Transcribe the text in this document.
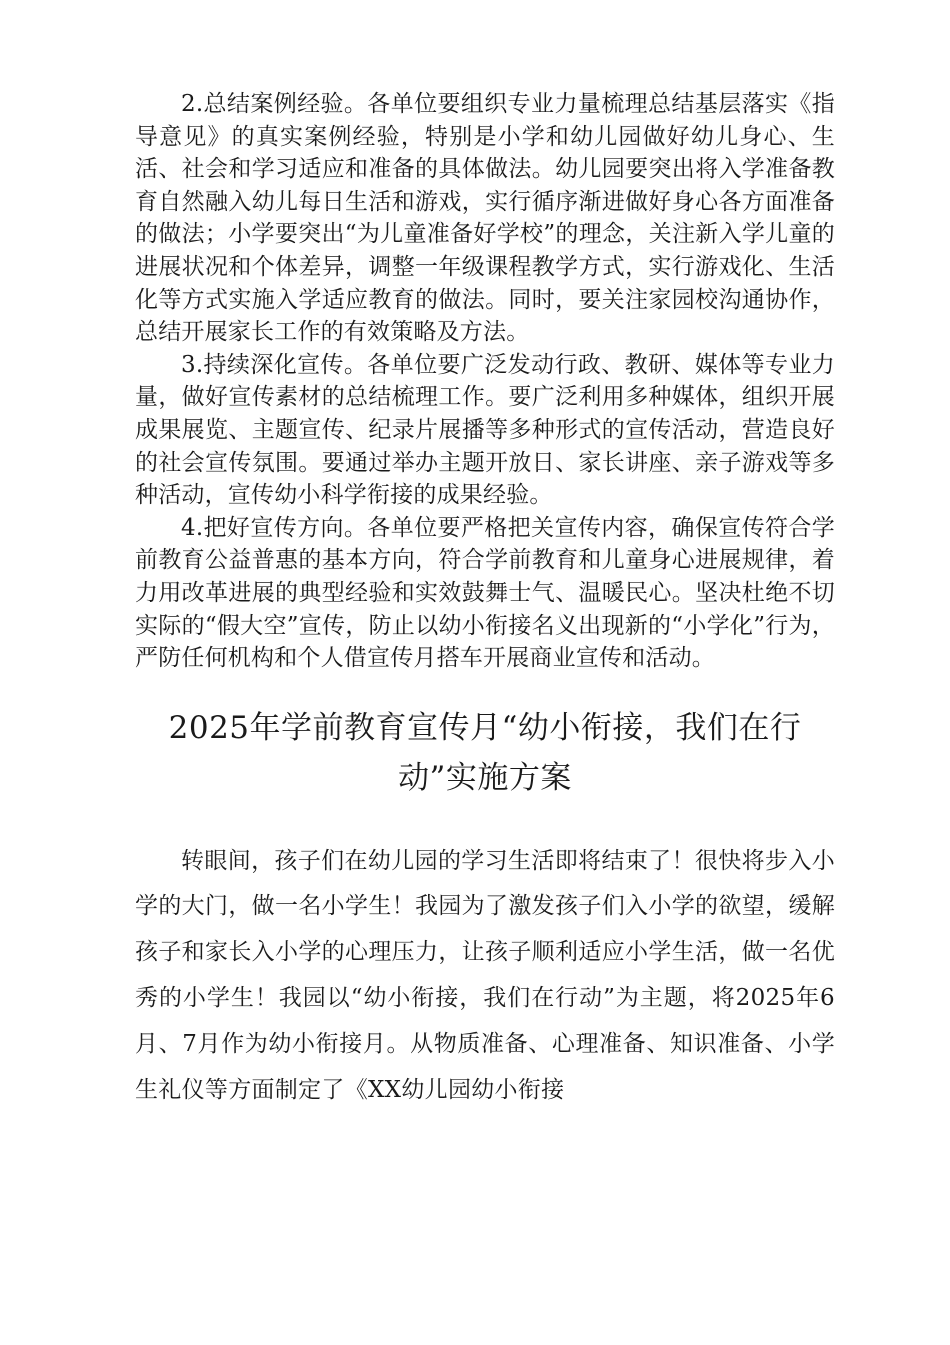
2.总结案例经验。各单位要组织专业力量梳理总结基层落实《指导意见》的真实案例经验，特别是小学和幼儿园做好幼儿身心、生活、社会和学习适应和准备的具体做法。幼儿园要突出将入学准备教育自然融入幼儿每日生活和游戏，实行循序渐进做好身心各方面准备的做法；小学要突出“为儿童准备好学校”的理念，关注新入学儿童的进展状况和个体差异，调整一年级课程教学方式，实行游戏化、生活化等方式实施入学适应教育的做法。同时，要关注家园校沟通协作，总结开展家长工作的有效策略及方法。

3.持续深化宣传。各单位要广泛发动行政、教研、媒体等专业力量，做好宣传素材的总结梳理工作。要广泛利用多种媒体，组织开展成果展览、主题宣传、纪录片展播等多种形式的宣传活动，营造良好的社会宣传氛围。要通过举办主题开放日、家长讲座、亲子游戏等多种活动，宣传幼小科学衔接的成果经验。

4.把好宣传方向。各单位要严格把关宣传内容，确保宣传符合学前教育公益普惠的基本方向，符合学前教育和儿童身心进展规律，着力用改革进展的典型经验和实效鼓舞士气、温暖民心。坚决杜绝不切实际的“假大空”宣传，防止以幼小衔接名义出现新的“小学化”行为，严防任何机构和个人借宣传月搭车开展商业宣传和活动。

2025年学前教育宣传月“幼小衔接，我们在行
动”实施方案

转眼间，孩子们在幼儿园的学习生活即将结束了！很快将步入小学的大门，做一名小学生！我园为了激发孩子们入小学的欲望，缓解孩子和家长入小学的心理压力，让孩子顺利适应小学生活，做一名优秀的小学生！我园以“幼小衔接，我们在行动”为主题，将2025年6月、7月作为幼小衔接月。从物质准备、心理准备、知识准备、小学生礼仪等方面制定了《XX幼儿园幼小衔接
